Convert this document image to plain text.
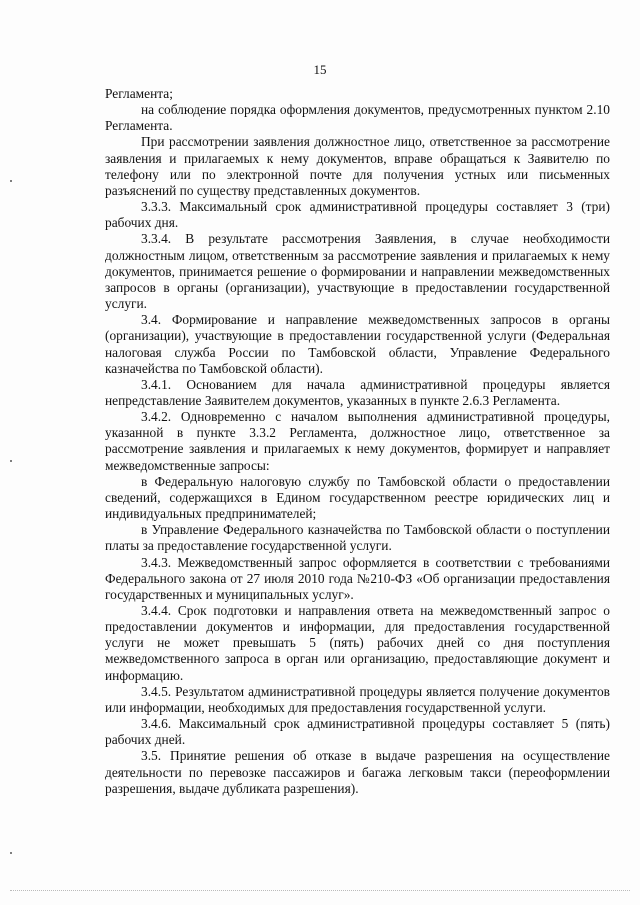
15

Регламента;

на соблюдение порядка оформления документов, предусмотренных пунктом 2.10 Регламента.

При рассмотрении заявления должностное лицо, ответственное за рассмотрение заявления и прилагаемых к нему документов, вправе обращаться к Заявителю по телефону или по электронной почте для получения устных или письменных разъяснений по существу представленных документов.

3.3.3. Максимальный срок административной процедуры составляет 3 (три) рабочих дня.

3.3.4. В результате рассмотрения Заявления, в случае необходимости должностным лицом, ответственным за рассмотрение заявления и прилагаемых к нему документов, принимается решение о формировании и направлении межведомственных запросов в органы (организации), участвующие в предоставлении государственной услуги.

3.4. Формирование и направление межведомственных запросов в органы (организации), участвующие в предоставлении государственной услуги (Федеральная налоговая служба России по Тамбовской области, Управление Федерального казначейства по Тамбовской области).

3.4.1. Основанием для начала административной процедуры является непредставление Заявителем документов, указанных в пункте 2.6.3 Регламента.

3.4.2. Одновременно с началом выполнения административной процедуры, указанной в пункте 3.3.2 Регламента, должностное лицо, ответственное за рассмотрение заявления и прилагаемых к нему документов, формирует и направляет межведомственные запросы:

в Федеральную налоговую службу по Тамбовской области о предоставлении сведений, содержащихся в Едином государственном реестре юридических лиц и индивидуальных предпринимателей;

в Управление Федерального казначейства по Тамбовской области о поступлении платы за предоставление государственной услуги.

3.4.3. Межведомственный запрос оформляется в соответствии с требованиями Федерального закона от 27 июля 2010 года №210-ФЗ «Об организации предоставления государственных и муниципальных услуг».

3.4.4. Срок подготовки и направления ответа на межведомственный запрос о предоставлении документов и информации, для предоставления государственной услуги не может превышать 5 (пять) рабочих дней со дня поступления межведомственного запроса в орган или организацию, предоставляющие документ и информацию.

3.4.5. Результатом административной процедуры является получение документов или информации, необходимых для предоставления государственной услуги.

3.4.6. Максимальный срок административной процедуры составляет 5 (пять) рабочих дней.

3.5. Принятие решения об отказе в выдаче разрешения на осуществление деятельности по перевозке пассажиров и багажа легковым такси (переоформлении разрешения, выдаче дубликата разрешения).
